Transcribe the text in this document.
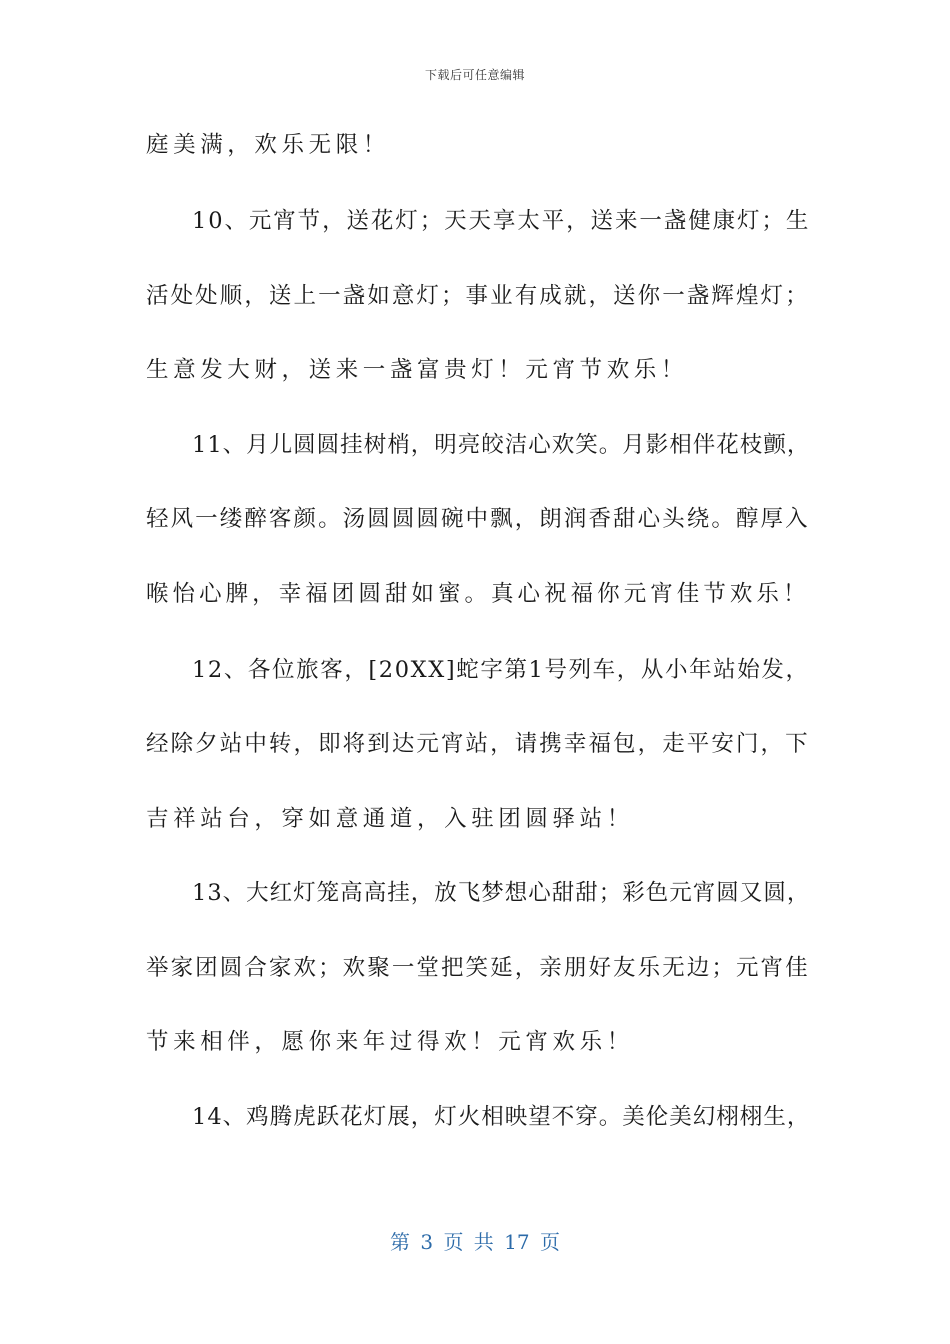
下载后可任意编辑
庭美满，欢乐无限！
10、元宵节，送花灯；天天享太平，送来一盏健康灯；生
活处处顺，送上一盏如意灯；事业有成就，送你一盏辉煌灯；
生意发大财，送来一盏富贵灯！元宵节欢乐！
11、月儿圆圆挂树梢，明亮皎洁心欢笑。月影相伴花枝颤，
轻风一缕醉客颜。汤圆圆圆碗中飘，朗润香甜心头绕。醇厚入
喉怡心脾，幸福团圆甜如蜜。真心祝福你元宵佳节欢乐！
12、各位旅客，[20XX]蛇字第1号列车，从小年站始发，
经除夕站中转，即将到达元宵站，请携幸福包，走平安门，下
吉祥站台，穿如意通道，入驻团圆驿站！
13、大红灯笼高高挂，放飞梦想心甜甜；彩色元宵圆又圆，
举家团圆合家欢；欢聚一堂把笑延，亲朋好友乐无边；元宵佳
节来相伴，愿你来年过得欢！元宵欢乐！
14、鸡腾虎跃花灯展，灯火相映望不穿。美伦美幻栩栩生，
第 3 页 共 17 页
